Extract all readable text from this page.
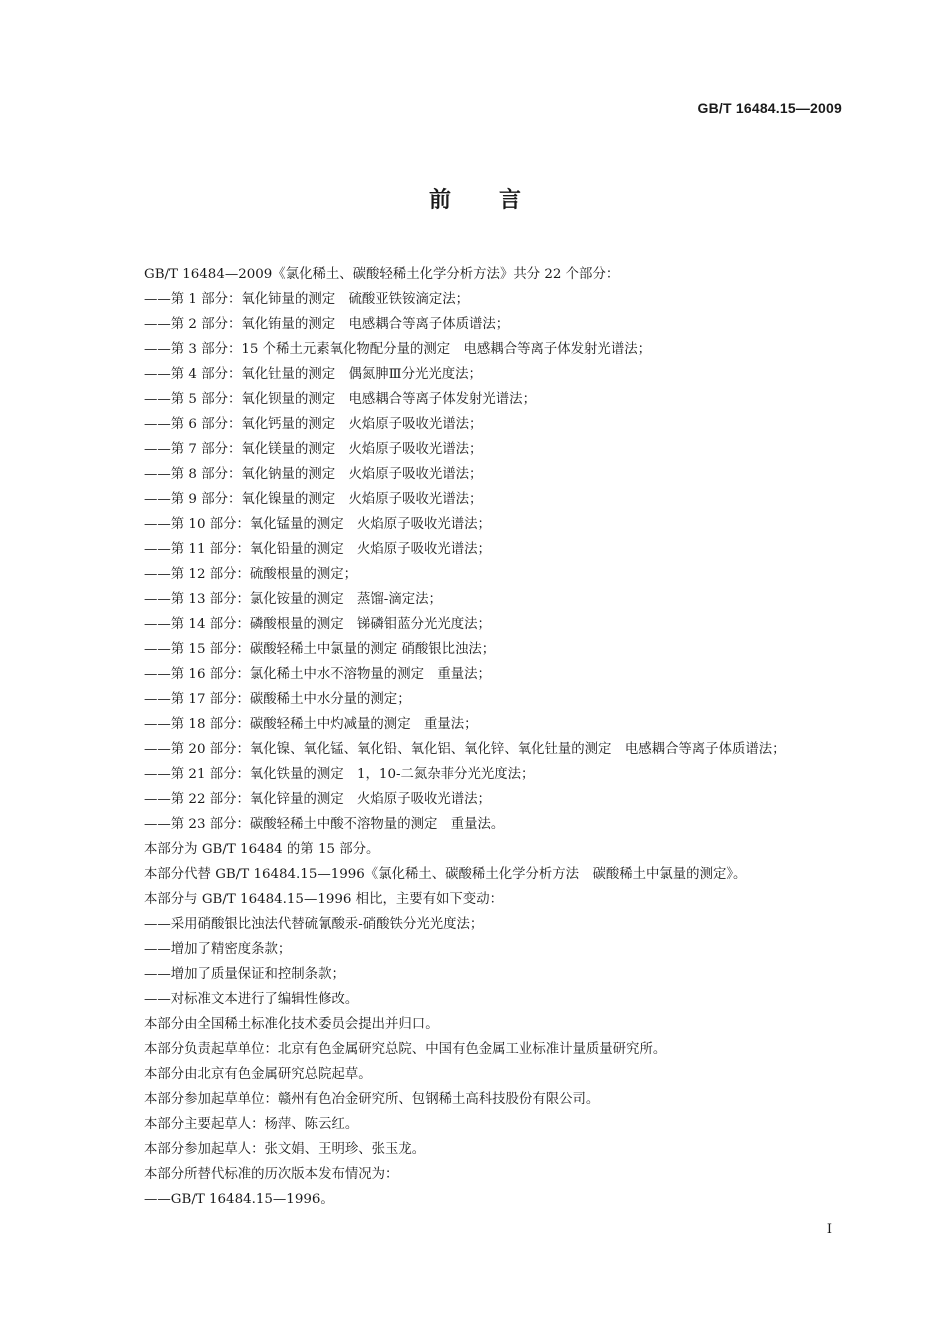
GB/T 16484.15—2009
前言
GB/T 16484—2009《氯化稀土、碳酸轻稀土化学分析方法》共分 22 个部分：
——第 1 部分：氧化铈量的测定　硫酸亚铁铵滴定法；
——第 2 部分：氧化铕量的测定　电感耦合等离子体质谱法；
——第 3 部分：15 个稀土元素氧化物配分量的测定　电感耦合等离子体发射光谱法；
——第 4 部分：氧化钍量的测定　偶氮胂Ⅲ分光光度法；
——第 5 部分：氧化钡量的测定　电感耦合等离子体发射光谱法；
——第 6 部分：氧化钙量的测定　火焰原子吸收光谱法；
——第 7 部分：氧化镁量的测定　火焰原子吸收光谱法；
——第 8 部分：氧化钠量的测定　火焰原子吸收光谱法；
——第 9 部分：氧化镍量的测定　火焰原子吸收光谱法；
——第 10 部分：氧化锰量的测定　火焰原子吸收光谱法；
——第 11 部分：氧化铅量的测定　火焰原子吸收光谱法；
——第 12 部分：硫酸根量的测定；
——第 13 部分：氯化铵量的测定　蒸馏-滴定法；
——第 14 部分：磷酸根量的测定　锑磷钼蓝分光光度法；
——第 15 部分：碳酸轻稀土中氯量的测定 硝酸银比浊法；
——第 16 部分：氯化稀土中水不溶物量的测定　重量法；
——第 17 部分：碳酸稀土中水分量的测定；
——第 18 部分：碳酸轻稀土中灼减量的测定　重量法；
——第 20 部分：氧化镍、氧化锰、氧化铅、氧化铝、氧化锌、氧化钍量的测定　电感耦合等离子体质谱法；
——第 21 部分：氧化铁量的测定　1，10-二氮杂菲分光光度法；
——第 22 部分：氧化锌量的测定　火焰原子吸收光谱法；
——第 23 部分：碳酸轻稀土中酸不溶物量的测定　重量法。
本部分为 GB/T 16484 的第 15 部分。
本部分代替 GB/T 16484.15—1996《氯化稀土、碳酸稀土化学分析方法　碳酸稀土中氯量的测定》。
本部分与 GB/T 16484.15—1996 相比，主要有如下变动：
——采用硝酸银比浊法代替硫氰酸汞-硝酸铁分光光度法；
——增加了精密度条款；
——增加了质量保证和控制条款；
——对标准文本进行了编辑性修改。
本部分由全国稀土标准化技术委员会提出并归口。
本部分负责起草单位：北京有色金属研究总院、中国有色金属工业标准计量质量研究所。
本部分由北京有色金属研究总院起草。
本部分参加起草单位：赣州有色冶金研究所、包钢稀土高科技股份有限公司。
本部分主要起草人：杨萍、陈云红。
本部分参加起草人：张文娟、王明珍、张玉龙。
本部分所替代标准的历次版本发布情况为：
——GB/T 16484.15—1996。
I
